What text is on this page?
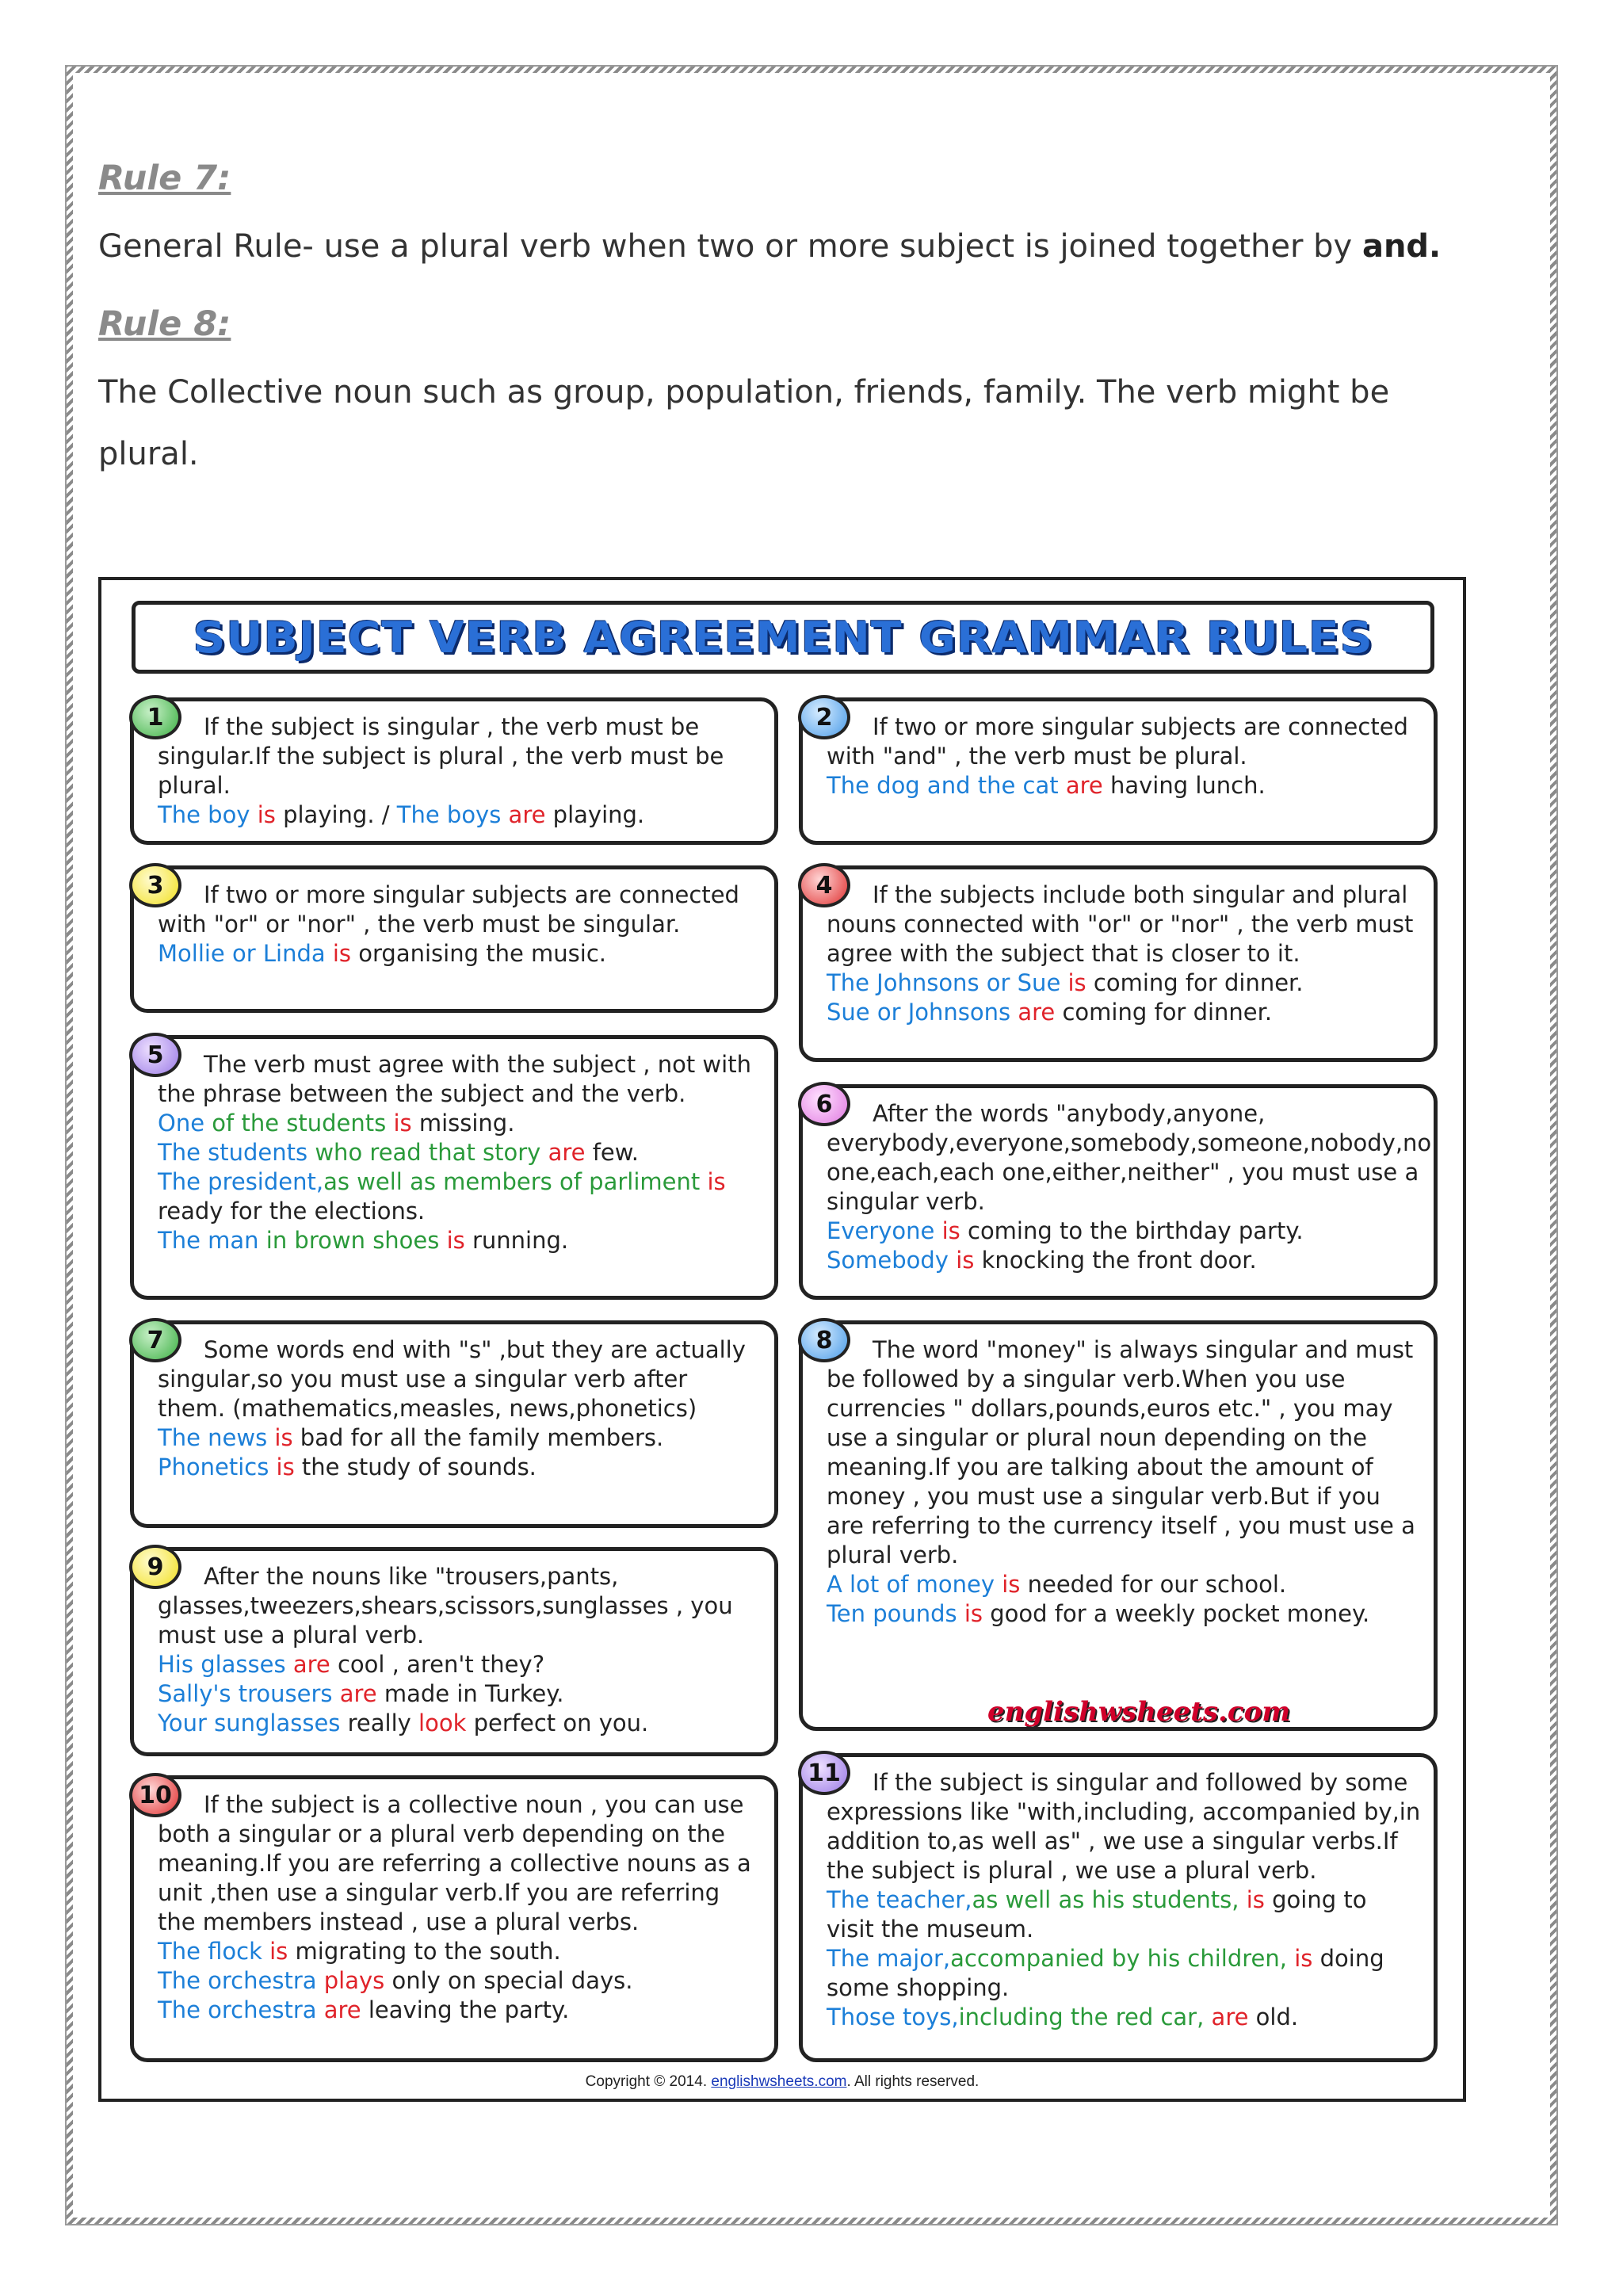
Rule 7:
General Rule- use a plural verb when two or more subject is joined together by and.
Rule 8:
The Collective noun such as group, population, friends, family. The verb might be plural.
SUBJECT VERB AGREEMENT GRAMMAR RULES
1	If the subject is singular , the verb must be singular.If the subject is plural , the verb must be plural.

The boy is playing. / The boys are playing.
2	If two or more singular subjects are connected with "and" , the verb must be plural.

The dog and the cat are having lunch.
3	If two or more singular subjects are connected with "or" or "nor" , the verb must be singular.

Mollie or Linda is organising the music.
4	If the subjects include both singular and plural nouns connected with "or" or "nor" , the verb must agree with the subject that is closer to it.

The Johnsons or Sue is coming for dinner.
Sue or Johnsons are coming for dinner.
5	The verb must agree with the subject , not with the phrase between the subject and the verb.

One of the students is missing.
The students who read that story are few.
The president,as well as members of parliment is ready for the elections.
The man in brown shoes is running.
6	After the words "anybody,anyone, everybody,everyone,somebody,someone,nobody,no one,each,each one,either,neither" , you must use a singular verb.

Everyone is coming to the birthday party.
Somebody is knocking the front door.
7	Some words end with "s" ,but they are actually singular,so you must use a singular verb after them. (mathematics,measles, news,phonetics)

The news is bad for all the family members.
Phonetics is the study of sounds.
8	The word "money" is always singular and must be followed by a singular verb.When you use currencies " dollars,pounds,euros etc." , you may use a singular or plural noun depending on the meaning.If you are talking about the amount of money , you must use a singular verb.But if you are referring to the currency itself , you must use a plural verb.

A lot of money is needed for our school.
Ten pounds is good for a weekly pocket money.
9	After the nouns like "trousers,pants, glasses,tweezers,shears,scissors,sunglasses , you must use a plural verb.

His glasses are cool , aren't they?
Sally's trousers are made in Turkey.
Your sunglasses really look perfect on you.
10	If the subject is a collective noun , you can use both a singular or a plural verb depending on the meaning.If you are referring a collective nouns as a unit ,then use a singular verb.If you are referring the members instead , use a plural verbs.

The flock is migrating to the south.
The orchestra plays only on special days.
The orchestra are leaving the party.
11	If the subject is singular and followed by some expressions like "with,including, accompanied by,in addition to,as well as" , we use a singular verbs.If the subject is plural , we use a plural verb.

The teacher,as well as his students, is going to visit the museum.
The major,accompanied by his children, is doing some shopping.
Those toys,including the red car, are old.
englishwsheets.com
Copyright © 2014. englishwsheets.com. All rights reserved.
